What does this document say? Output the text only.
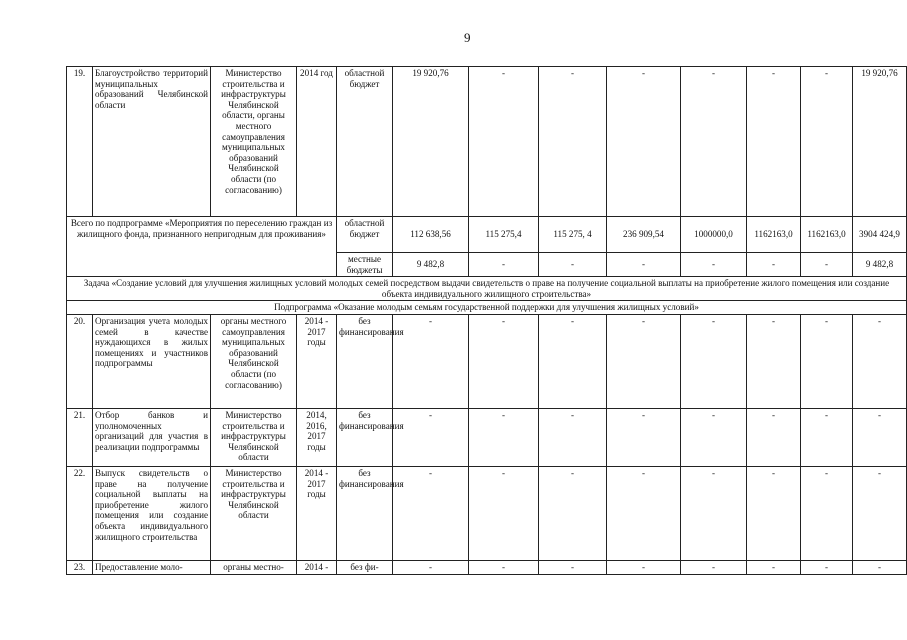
9
19.	Благоустройство территорий муниципальных образований Челябинской области	Министерство строительства и инфраструктуры Челябинской области, органы местного самоуправления муниципальных образований Челябинской области (по согласованию)	2014 год	областной бюджет	19 920,76	-	-	-	-	-	-	19 920,76
Всего по подпрограмме «Мероприятия по переселению граждан из жилищного фонда, признанного непригодным для проживания»				областной бюджет	112 638,56	115 275,4	115 275, 4	236 909,54	1000000,0	1162163,0	1162163,0	3904 424,9
				местные бюджеты	9 482,8	-	-	-	-	-	-	9 482,8
Задача «Создание условий для улучшения жилищных условий молодых семей посредством выдачи свидетельств о праве на получение социальной выплаты на приобретение жилого помещения или создание объекта индивидуального жилищного строительства»												
Подпрограмма «Оказание молодым семьям государственной поддержки для улучшения жилищных условий»												
20.	Организация учета молодых семей в качестве нуждающихся в жилых помещениях и участников подпрограммы	органы местного самоуправления муниципальных образований Челябинской области (по согласованию)	2014 - 2017 годы	без финансирования	-	-	-	-	-	-	-	-
21.	Отбор банков и уполномоченных организаций для участия в реализации подпрограммы	Министерство строительства и инфраструктуры Челябинской области	2014, 2016, 2017 годы	без финансирования	-	-	-	-	-	-	-	-
22.	Выпуск свидетельств о праве на получение социальной выплаты на приобретение жилого помещения или создание объекта индивидуального жилищного строительства	Министерство строительства и инфраструктуры Челябинской области	2014 - 2017 годы	без финансирования	-	-	-	-	-	-	-	-
23.	Предоставление моло-	органы местно-	2014 -	без фи-	-	-	-	-	-	-	-	-
